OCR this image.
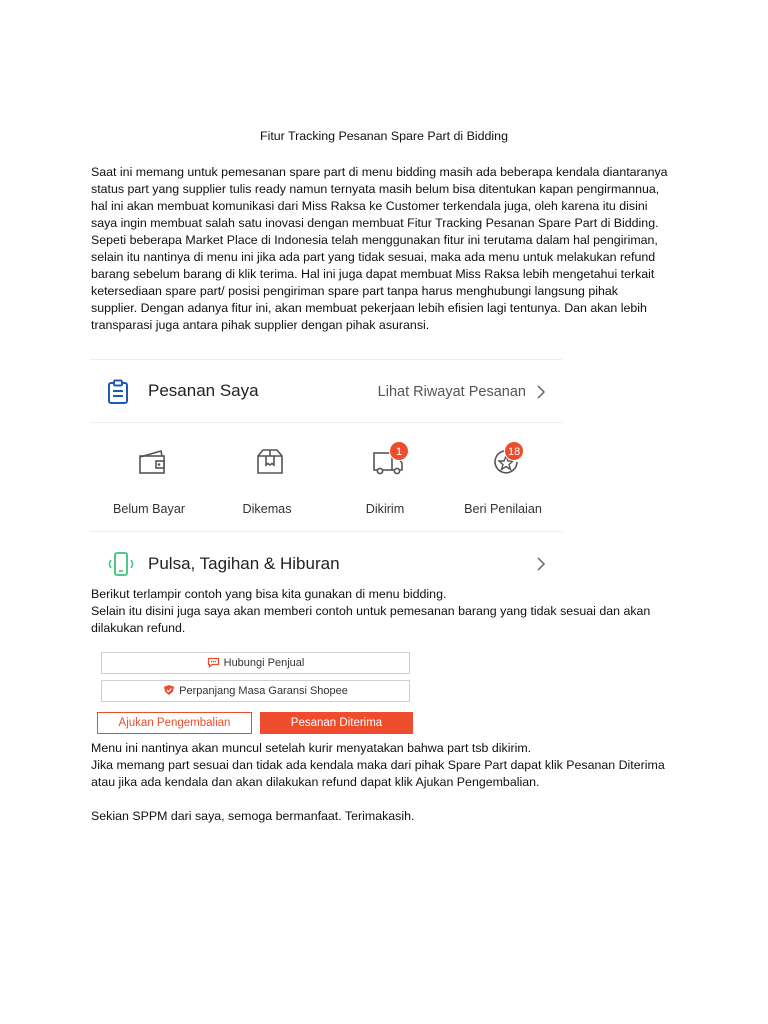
Fitur Tracking Pesanan Spare Part di Bidding

Saat ini memang untuk pemesanan spare part di menu bidding masih ada beberapa kendala diantaranya
status part yang supplier tulis ready namun ternyata masih belum bisa ditentukan kapan pengirmannua,
hal ini akan membuat komunikasi dari Miss Raksa ke Customer terkendala juga, oleh karena itu disini
saya ingin membuat salah satu inovasi dengan membuat Fitur Tracking Pesanan Spare Part di Bidding.
Sepeti beberapa Market Place di Indonesia telah menggunakan fitur ini terutama dalam hal pengiriman,
selain itu nantinya di menu ini jika ada part yang tidak sesuai, maka ada menu untuk melakukan refund
barang sebelum barang di klik terima. Hal ini juga dapat membuat Miss Raksa lebih mengetahui terkait
ketersediaan spare part/ posisi pengiriman spare part tanpa harus menghubungi langsung pihak
supplier. Dengan adanya fitur ini, akan membuat pekerjaan lebih efisien lagi tentunya. Dan akan lebih
transparasi juga antara pihak supplier dengan pihak asuransi.

Pesanan Saya	Lihat Riwayat Pesanan
Belum Bayar	Dikemas
1
Dikirim
18
Beri Penilaian
Pulsa, Tagihan & Hiburan

Berikut terlampir contoh yang bisa kita gunakan di menu bidding.
Selain itu disini juga saya akan memberi contoh untuk pemesanan barang yang tidak sesuai dan akan
dilakukan refund.

Hubungi Penjual
Perpanjang Masa Garansi Shopee
Ajukan Pengembalian	Pesanan Diterima

Menu ini nantinya akan muncul setelah kurir menyatakan bahwa part tsb dikirim.
Jika memang part sesuai dan tidak ada kendala maka dari pihak Spare Part dapat klik Pesanan Diterima
atau jika ada kendala dan akan dilakukan refund dapat klik Ajukan Pengembalian.

Sekian SPPM dari saya, semoga bermanfaat. Terimakasih.
